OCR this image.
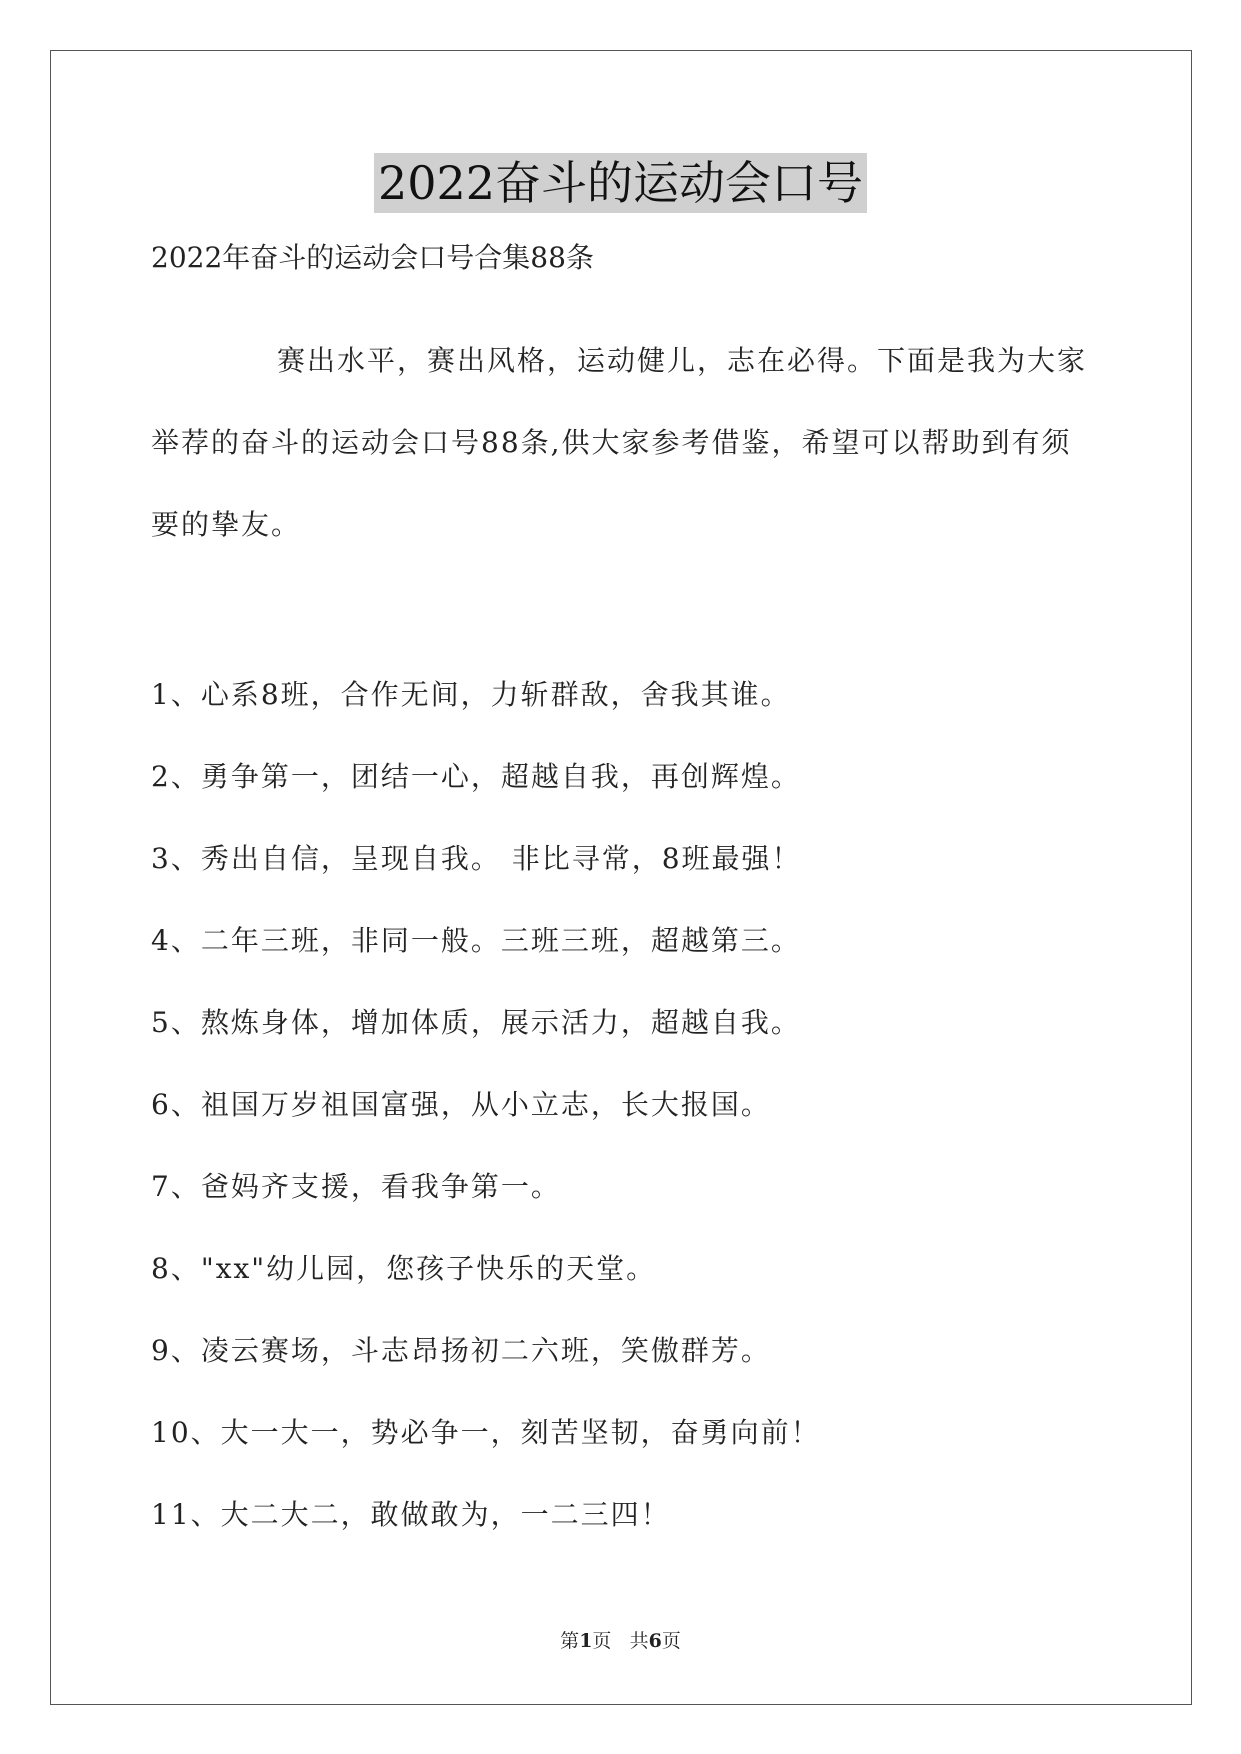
2022奋斗的运动会口号
2022年奋斗的运动会口号合集88条

赛出水平，赛出风格，运动健儿，志在必得。下面是我为大家举荐的奋斗的运动会口号88条,供大家参考借鉴，希望可以帮助到有须要的挚友。

1、心系8班，合作无间，力斩群敌，舍我其谁。
2、勇争第一，团结一心，超越自我，再创辉煌。
3、秀出自信，呈现自我。 非比寻常，8班最强！
4、二年三班，非同一般。三班三班，超越第三。
5、熬炼身体，增加体质，展示活力，超越自我。
6、祖国万岁祖国富强，从小立志，长大报国。
7、爸妈齐支援，看我争第一。
8、"xx"幼儿园，您孩子快乐的天堂。
9、凌云赛场，斗志昂扬初二六班，笑傲群芳。
10、大一大一，势必争一，刻苦坚韧，奋勇向前！
11、大二大二，敢做敢为，一二三四！
第1页 共6页
